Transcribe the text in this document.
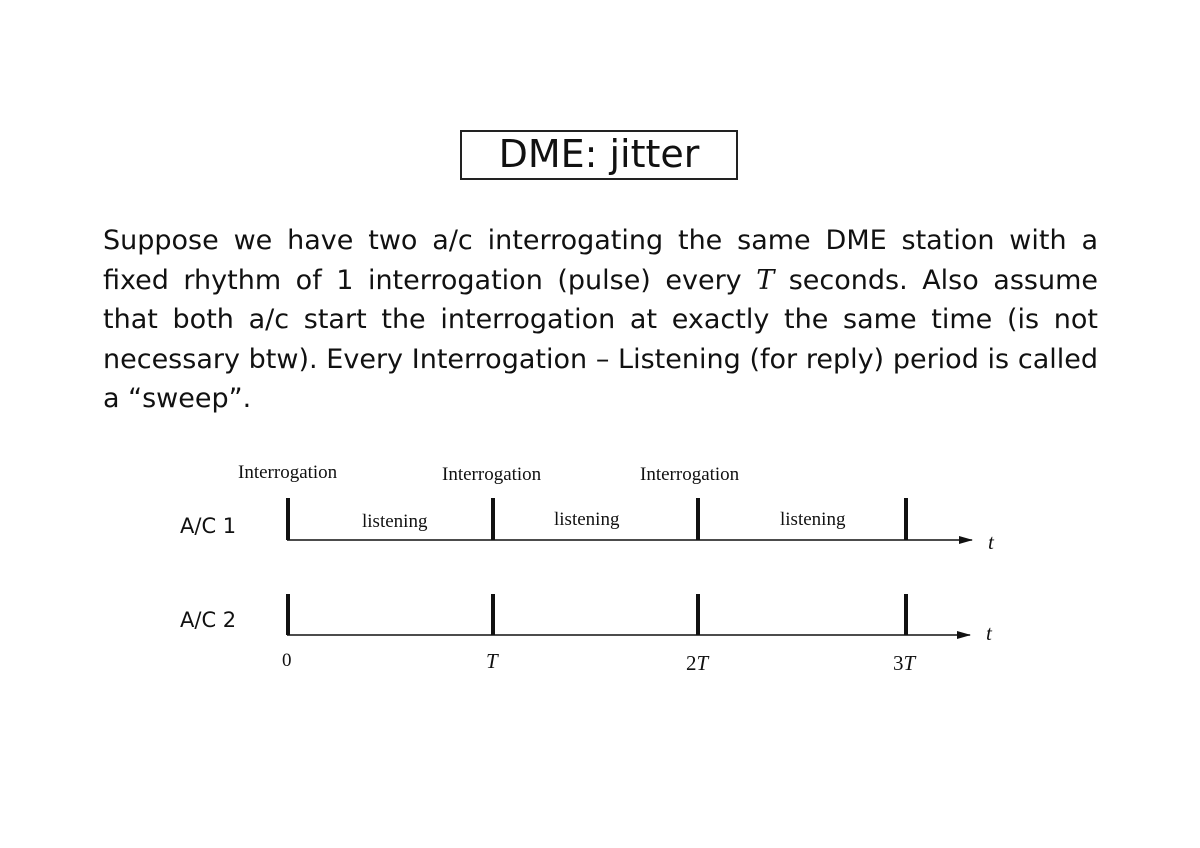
DME: jitter

Suppose we have two a/c interrogating the same DME station with a fixed rhythm of 1 interrogation (pulse) every T seconds. Also assume that both a/c start the interrogation at exactly the same time (is not necessary btw). Every Interrogation – Listening (for reply) period is called a “sweep”.

Interrogation	Interrogation	Interrogation
A/C 1	listening	listening	listening
t
A/C 2
t
0	T	2T	3T
